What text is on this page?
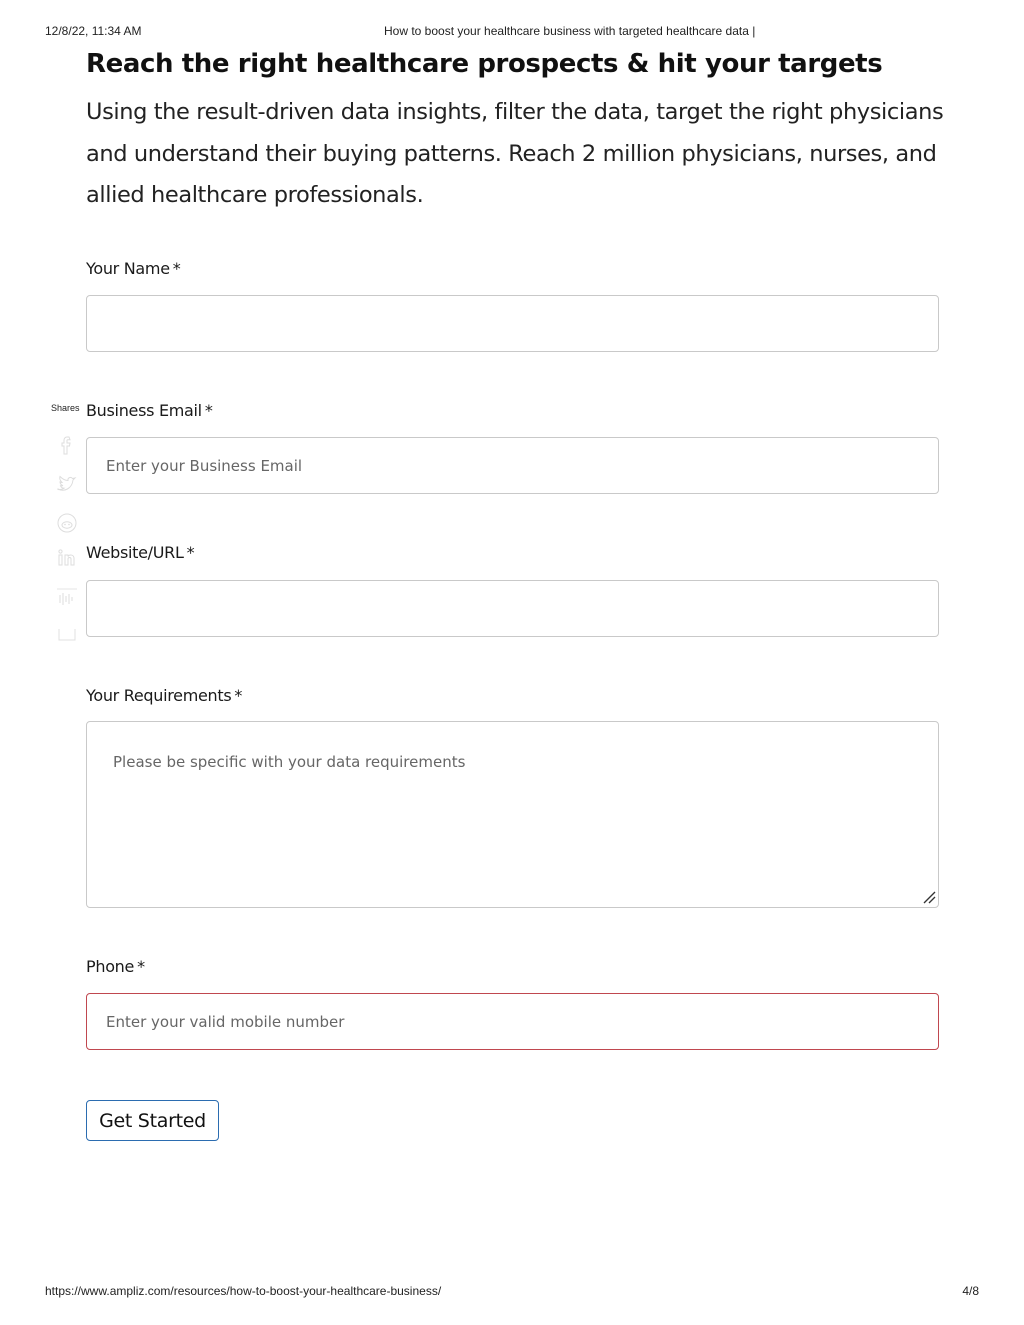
12/8/22, 11:34 AM	How to boost your healthcare business with targeted healthcare data |
Reach the right healthcare prospects & hit your targets

Using the result-driven data insights, filter the data, target the right physicians and understand their buying patterns. Reach 2 million physicians, nurses, and allied healthcare professionals.

Shares
Your Name *
Business Email *
Enter your Business Email
Website/URL *
Your Requirements *
Please be specific with your data requirements
Phone *
Enter your valid mobile number
Get Started
https://www.ampliz.com/resources/how-to-boost-your-healthcare-business/	4/8
